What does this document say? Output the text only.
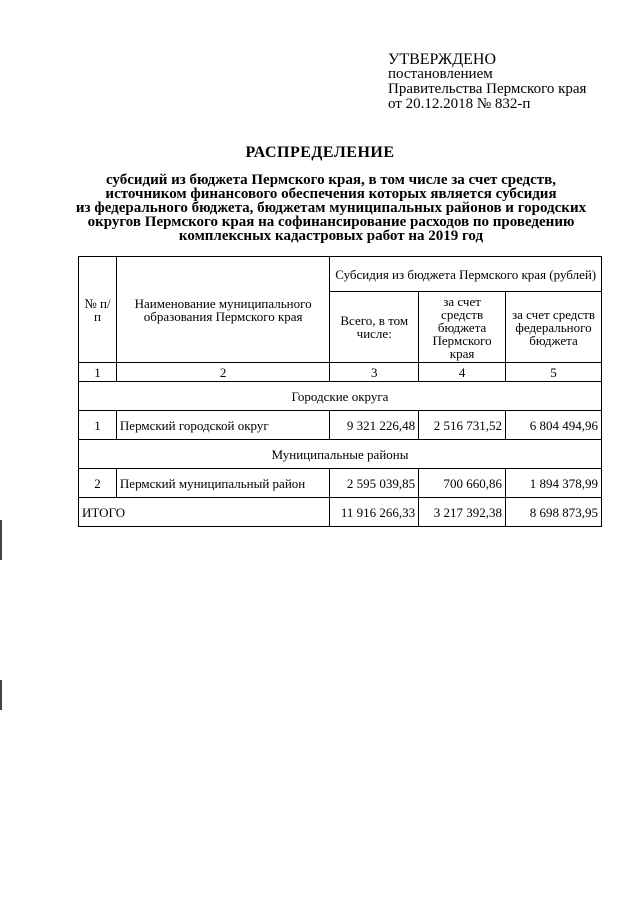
УТВЕРЖДЕНО
постановлением
Правительства Пермского края
от 20.12.2018 № 832-п
РАСПРЕДЕЛЕНИЕ
субсидий из бюджета Пермского края, в том числе за счет средств,
источником финансового обеспечения которых является субсидия
из федерального бюджета, бюджетам муниципальных районов и городских
округов Пермского края на софинансирование расходов по проведению
комплексных кадастровых работ на 2019 год
№ п/п	Наименование муниципального образования Пермского края	Субсидия из бюджета Пермского края (рублей)		
		Всего, в том числе:	за счет средств бюджета Пермского края	за счет средств федерального бюджета
1	2	3	4	5
Городские округа				
1	Пермский городской округ	9 321 226,48	2 516 731,52	6 804 494,96
Муниципальные районы				
2	Пермский муниципальный район	2 595 039,85	700 660,86	1 894 378,99
ИТОГО		11 916 266,33	3 217 392,38	8 698 873,95
